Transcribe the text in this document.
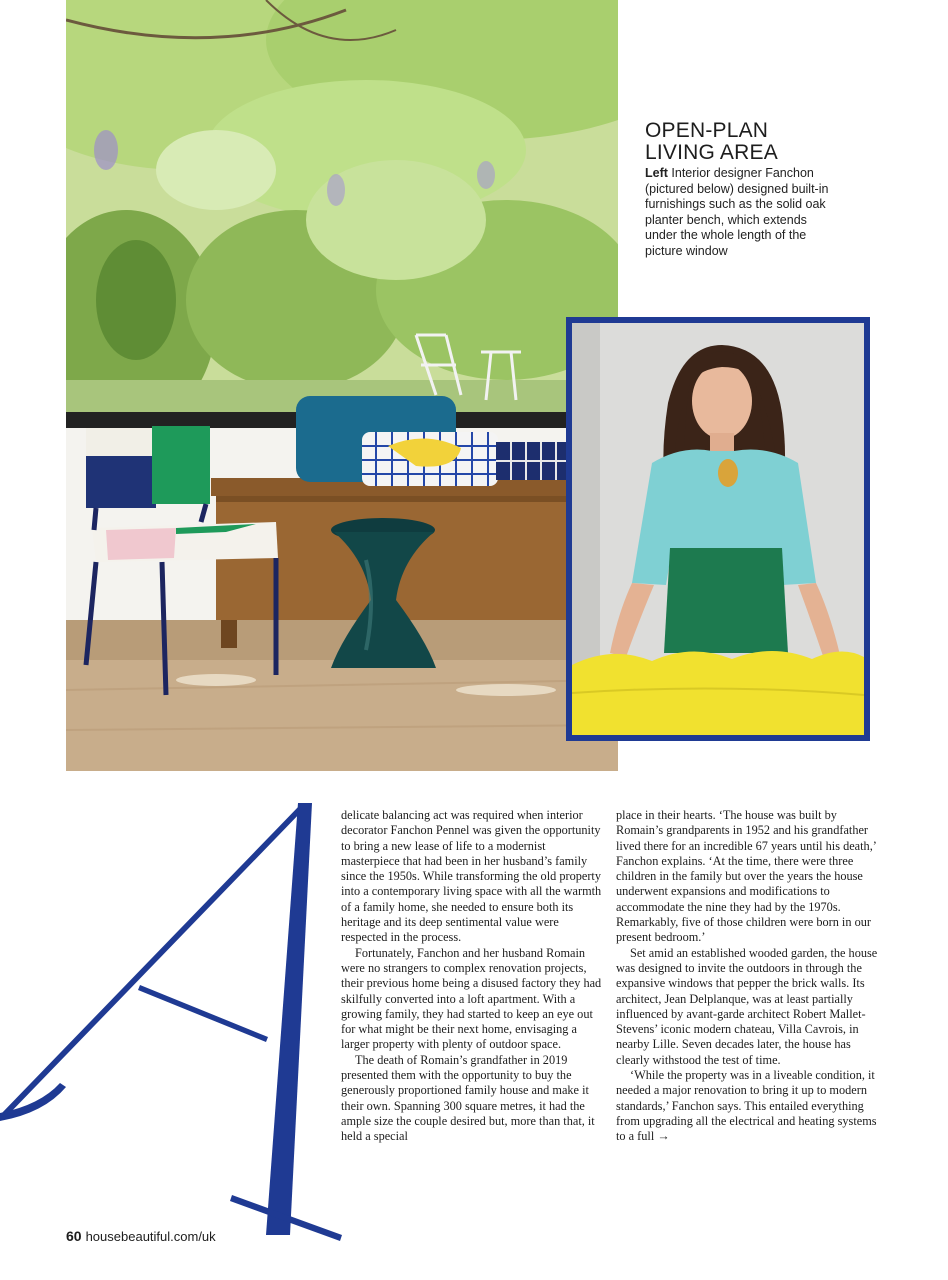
OPEN-PLAN LIVING AREA
Left Interior designer Fanchon (pictured below) designed built-in furnishings such as the solid oak planter bench, which extends under the whole length of the picture window

delicate balancing act was required when interior decorator Fanchon Pennel was given the opportunity to bring a new lease of life to a modernist masterpiece that had been in her husband’s family since the 1950s. While transforming the old property into a contemporary living space with all the warmth of a family home, she needed to ensure both its heritage and its deep sentimental value were respected in the process.

Fortunately, Fanchon and her husband Romain were no strangers to complex renovation projects, their previous home being a disused factory they had skilfully converted into a loft apartment. With a growing family, they had started to keep an eye out for what might be their next home, envisaging a larger property with plenty of outdoor space.

The death of Romain’s grandfather in 2019 presented them with the opportunity to buy the generously proportioned family house and make it their own. Spanning 300 square metres, it had the ample size the couple desired but, more than that, it held a special

place in their hearts. ‘The house was built by Romain’s grandparents in 1952 and his grandfather lived there for an incredible 67 years until his death,’ Fanchon explains. ‘At the time, there were three children in the family but over the years the house underwent expansions and modifications to accommodate the nine they had by the 1970s. Remarkably, five of those children were born in our present bedroom.’

Set amid an established wooded garden, the house was designed to invite the outdoors in through the expansive windows that pepper the brick walls. Its architect, Jean Delplanque, was at least partially influenced by avant-garde architect Robert Mallet-Stevens’ iconic modern chateau, Villa Cavrois, in nearby Lille. Seven decades later, the house has clearly withstood the test of time.

‘While the property was in a liveable condition, it needed a major renovation to bring it up to modern standards,’ Fanchon says. This entailed everything from upgrading all the electrical and heating systems to a full →

60 housebeautiful.com/uk
